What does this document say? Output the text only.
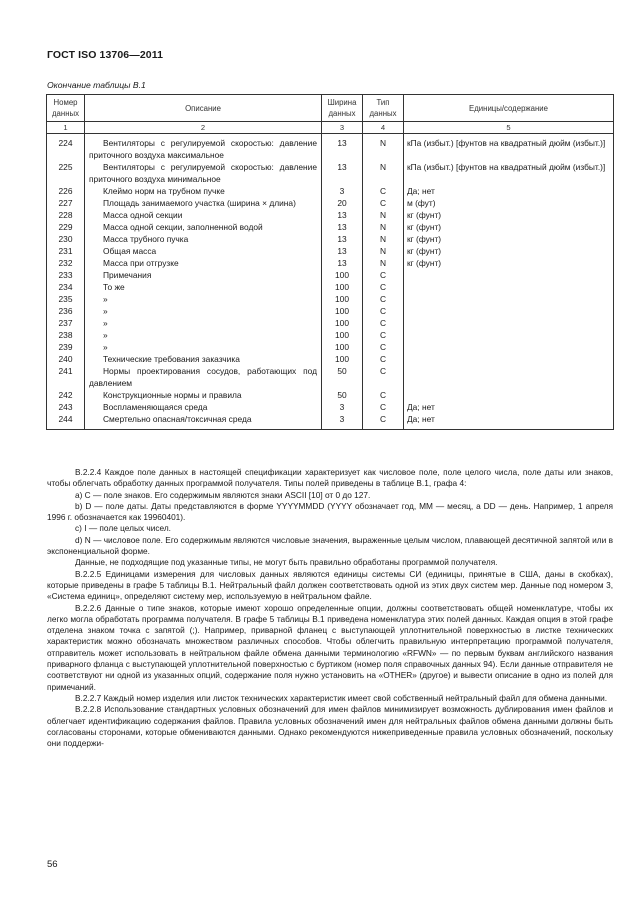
ГОСТ ISO 13706—2011
Окончание таблицы В.1
Номер данных	Описание	Ширина данных	Тип данных	Единицы/содержание
1	2	3	4	5
224	Вентиляторы с регулируемой скоростью: давление приточного воздуха максимальное	13	N	кПа (избыт.) [фунтов на квадратный дюйм (избыт.)]
225	Вентиляторы с регулируемой скоростью: давление приточного воздуха минимальное	13	N	кПа (избыт.) [фунтов на квадратный дюйм (избыт.)]
226	Клеймо норм на трубном пучке	3	C	Да; нет
227	Площадь занимаемого участка (ширина × длина)	20	C	м (фут)
228	Масса одной секции	13	N	кг (фунт)
229	Масса одной секции, заполненной водой	13	N	кг (фунт)
230	Масса трубного пучка	13	N	кг (фунт)
231	Общая масса	13	N	кг (фунт)
232	Масса при отгрузке	13	N	кг (фунт)
233	Примечания	100	C	
234	То же	100	C	
235	»	100	C	
236	»	100	C	
237	»	100	C	
238	»	100	C	
239	»	100	C	
240	Технические требования заказчика	100	C	
241	Нормы проектирования сосудов, работающих под давлением	50	C	
242	Конструкционные нормы и правила	50	C	
243	Воспламеняющаяся среда	3	C	Да; нет
244	Смертельно опасная/токсичная среда	3	C	Да; нет

В.2.2.4 Каждое поле данных в настоящей спецификации характеризует как числовое поле, поле целого числа, поле даты или знаков, чтобы облегчать обработку данных программой получателя. Типы полей приведены в таблице В.1, графа 4:

a) C — поле знаков. Его содержимым являются знаки ASCII [10] от 0 до 127.

b) D — поле даты. Даты представляются в форме YYYYMMDD (YYYY обозначает год, MM — месяц, а DD — день. Например, 1 апреля 1996 г. обозначается как 19960401).

c) I — поле целых чисел.

d) N — числовое поле. Его содержимым являются числовые значения, выраженные целым числом, плавающей десятичной запятой или в экспоненциальной форме.

Данные, не подходящие под указанные типы, не могут быть правильно обработаны программой получателя.

В.2.2.5 Единицами измерения для числовых данных являются единицы системы СИ (единицы, принятые в США, даны в скобках), которые приведены в графе 5 таблицы В.1. Нейтральный файл должен соответствовать одной из этих двух систем мер. Данные под номером 3, «Система единиц», определяют систему мер, используемую в нейтральном файле.

В.2.2.6 Данные о типе знаков, которые имеют хорошо определенные опции, должны соответствовать общей номенклатуре, чтобы их легко могла обработать программа получателя. В графе 5 таблицы В.1 приведена номенклатура этих полей данных. Каждая опция в этой графе отделена знаком точка с запятой (;). Например, приварной фланец с выступающей уплотнительной поверхностью в листке технических характеристик можно обозначать множеством различных способов. Чтобы облегчить правильную интерпретацию программой получателя, отправитель может использовать в нейтральном файле обмена данными терминологию «RFWN» — по первым буквам английского названия приварного фланца с выступающей уплотнительной поверхностью с буртиком (номер поля справочных данных 94). Если данные отправителя не соответствуют ни одной из указанных опций, содержание поля нужно установить на «OTHER» (другое) и вывести описание в одно из полей для примечаний.

В.2.2.7 Каждый номер изделия или листок технических характеристик имеет свой собственный нейтральный файл для обмена данными.

В.2.2.8 Использование стандартных условных обозначений для имен файлов минимизирует возможность дублирования имен файлов и облегчает идентификацию содержания файлов. Правила условных обозначений имен для нейтральных файлов обмена данными должны быть согласованы сторонами, которые обмениваются данными. Однако рекомендуются нижеприведенные правила условных обозначений, поскольку они поддержи-

56
